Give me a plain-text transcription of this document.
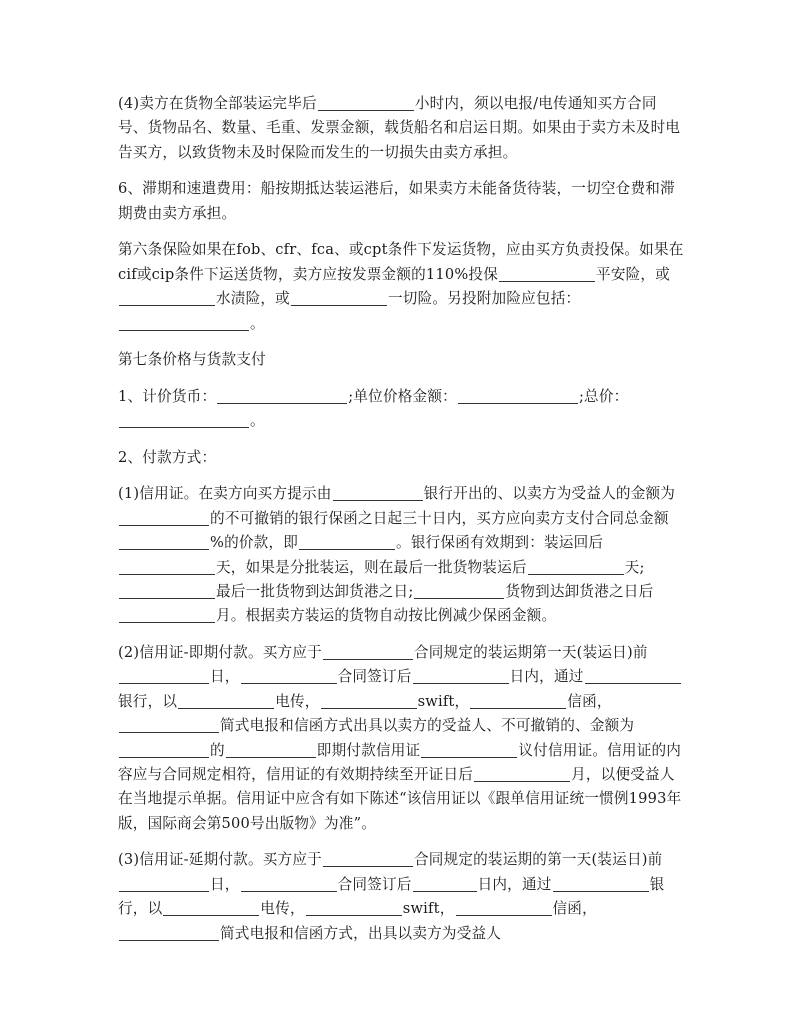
(4)卖方在货物全部装运完毕后	小时内，须以电报/电传通知买方合同号、货物品名、数量、毛重、发票金额，载货船名和启运日期。如果由于卖方未及时电告买方，以致货物未及时保险而发生的一切损失由卖方承担。

6、滞期和速遣费用：船按期抵达装运港后，如果卖方未能备货待装，一切空仓费和滞期费由卖方承担。

第六条保险如果在fob、cfr、fca、或cpt条件下发运货物，应由买方负责投保。如果在cif或cip条件下运送货物，卖方应按发票金额的110%投保	平安险，或水渍险，或	一切险。另投附加险应包括：。

第七条价格与货款支付

1、计价货币：	;单位价格金额：	;总价：。

2、付款方式：

(1)信用证。在卖方向买方提示由	银行开出的、以卖方为受益人的金额为的不可撤销的银行保函之日起三十日内，买方应向卖方支付合同总金额%的价款，即	。银行保函有效期到：装运回后天，如果是分批装运，则在最后一批货物装运后	天;最后一批货物到达卸货港之日;	货物到达卸货港之日后月。根据卖方装运的货物自动按比例减少保函金额。

(2)信用证-即期付款。买方应于	合同规定的装运期第一天(装运日)前日，	合同签订后	日内，通过银行，以	电传，	swift，	信函，简式电报和信函方式出具以卖方的受益人、不可撤销的、金额为的	即期付款信用证	议付信用证。信用证的内容应与合同规定相符，信用证的有效期持续至开证日后	月，以便受益人在当地提示单据。信用证中应含有如下陈述“该信用证以《跟单信用证统一惯例1993年版，国际商会第500号出版物》为准”。

(3)信用证-延期付款。买方应于	合同规定的装运期的第一天(装运日)前日，	合同签订后	日内，通过	银行，以	电传，	swift，	信函，简式电报和信函方式，出具以卖方为受益人
